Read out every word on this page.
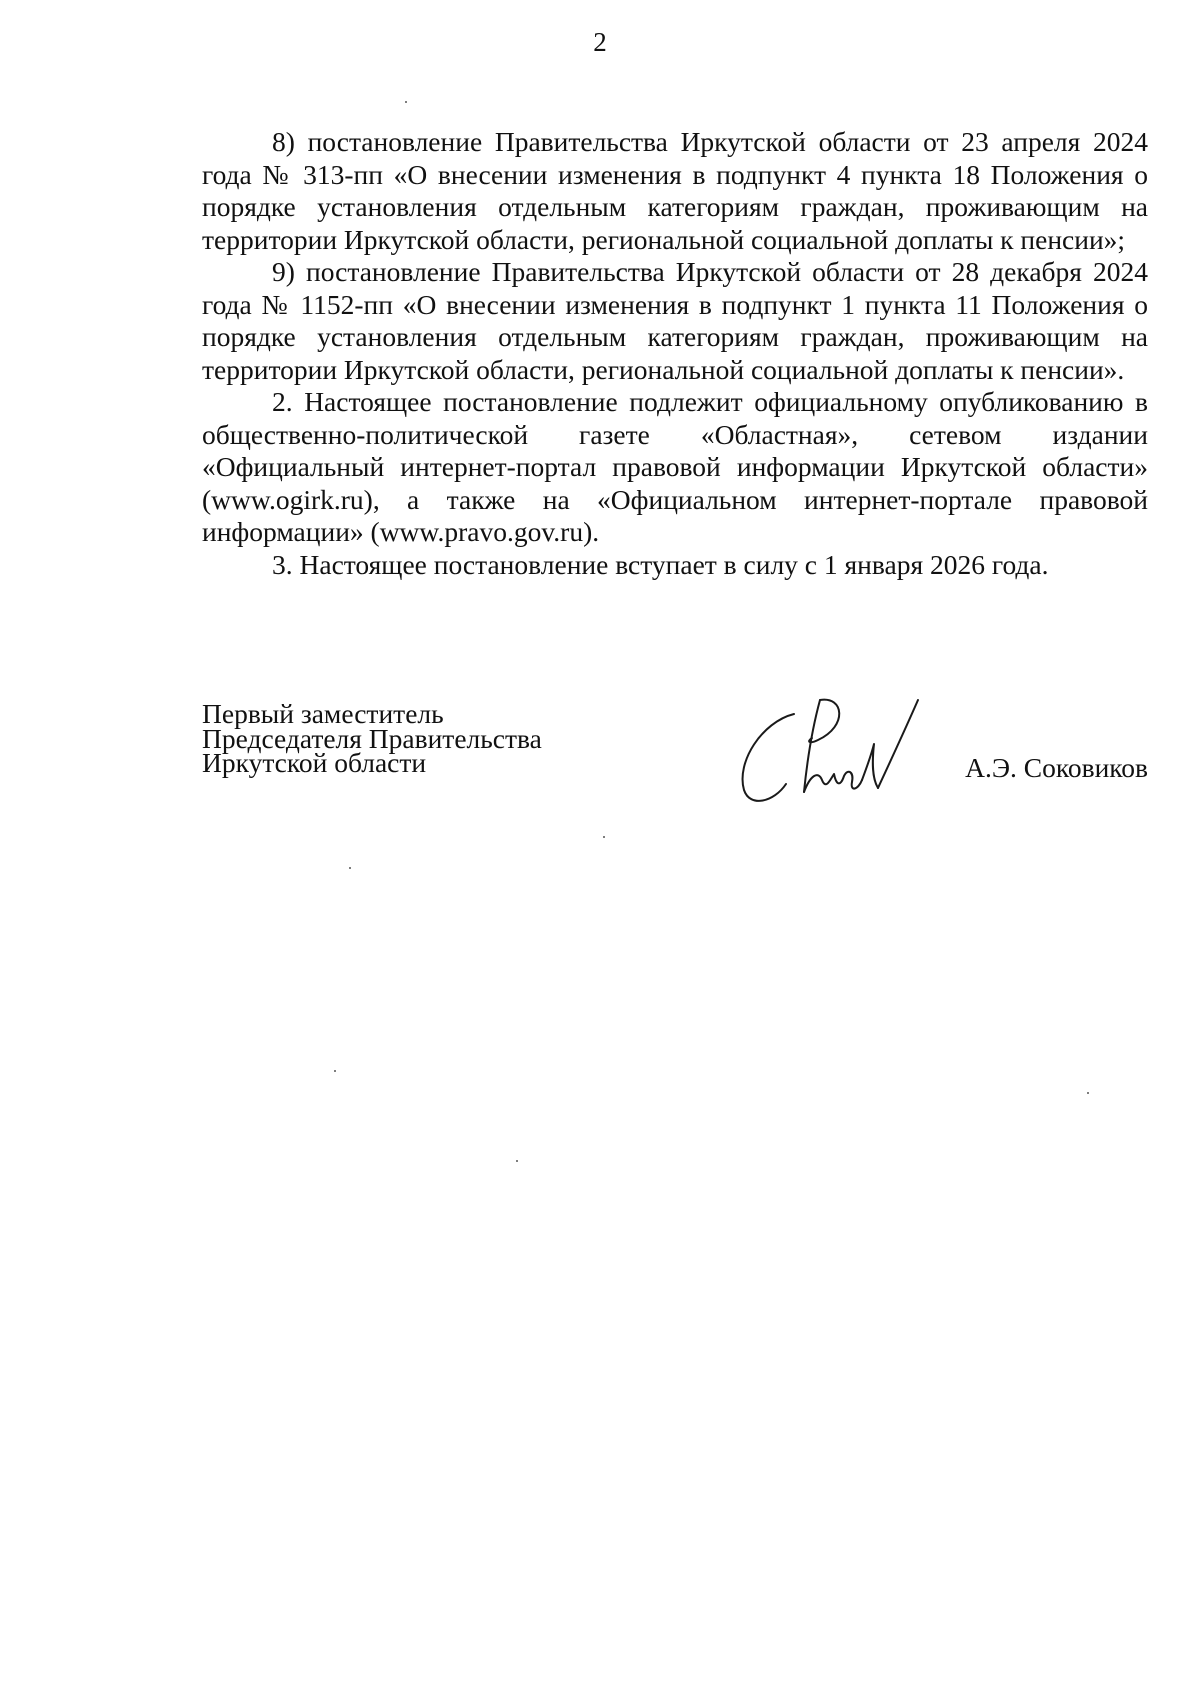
2

8) постановление Правительства Иркутской области от 23 апреля 2024 года № 313-пп «О внесении изменения в подпункт 4 пункта 18 Положения о порядке установления отдельным категориям граждан, проживающим на территории Иркутской области, региональной социальной доплаты к пенсии»;

9) постановление Правительства Иркутской области от 28 декабря 2024 года № 1152-пп «О внесении изменения в подпункт 1 пункта 11 Положения о порядке установления отдельным категориям граждан, проживающим на территории Иркутской области, региональной социальной доплаты к пенсии».

2. Настоящее постановление подлежит официальному опубликованию в общественно-политической газете «Областная», сетевом издании «Официальный интернет-портал правовой информации Иркутской области» (www.ogirk.ru), а также на «Официальном интернет-портале правовой информации» (www.pravo.gov.ru).

3. Настоящее постановление вступает в силу с 1 января 2026 года.

Первый заместитель
Председателя Правительства
Иркутской области	А.Э. Соковиков
